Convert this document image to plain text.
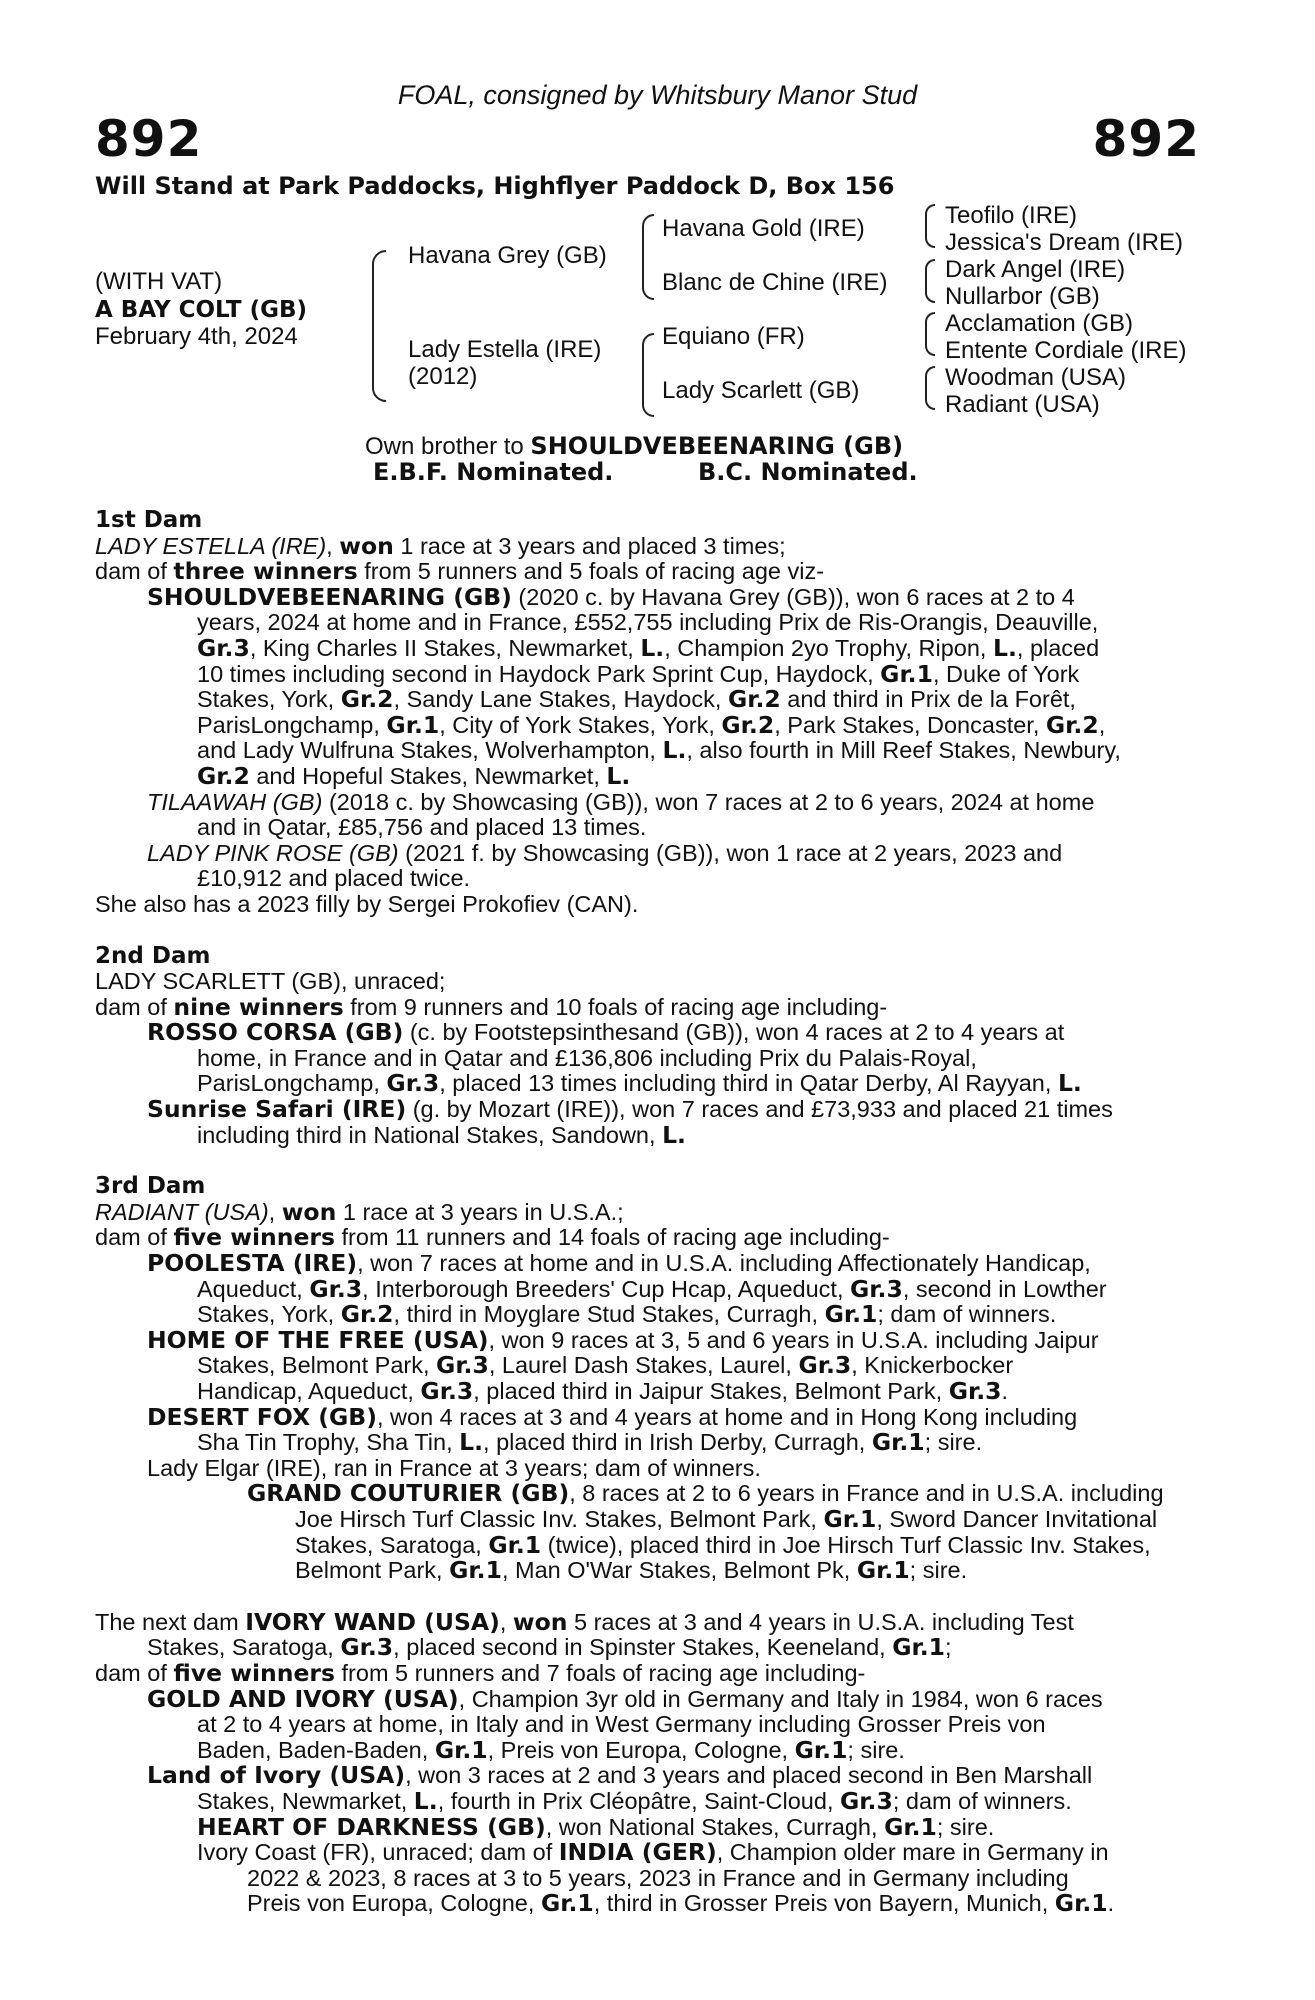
FOAL, consigned by Whitsbury Manor Stud
892	892
Will Stand at Park Paddocks, Highflyer Paddock D, Box 156
(WITH VAT)
A BAY COLT (GB)
February 4th, 2024
Havana Grey (GB)
Lady Estella (IRE)
(2012)
Havana Gold (IRE)
Blanc de Chine (IRE)
Equiano (FR)
Lady Scarlett (GB)
Teofilo (IRE)
Jessica's Dream (IRE)
Dark Angel (IRE)
Nullarbor (GB)
Acclamation (GB)
Entente Cordiale (IRE)
Woodman (USA)
Radiant (USA)
Own brother to SHOULDVEBEENARING (GB)
E.B.F. Nominated.	B.C. Nominated.
1st Dam
LADY ESTELLA (IRE), won 1 race at 3 years and placed 3 times;
dam of three winners from 5 runners and 5 foals of racing age viz-
SHOULDVEBEENARING (GB) (2020 c. by Havana Grey (GB)), won 6 races at 2 to 4
years, 2024 at home and in France, £552,755 including Prix de Ris-Orangis, Deauville,
Gr.3, King Charles II Stakes, Newmarket, L., Champion 2yo Trophy, Ripon, L., placed
10 times including second in Haydock Park Sprint Cup, Haydock, Gr.1, Duke of York
Stakes, York, Gr.2, Sandy Lane Stakes, Haydock, Gr.2 and third in Prix de la Forêt,
ParisLongchamp, Gr.1, City of York Stakes, York, Gr.2, Park Stakes, Doncaster, Gr.2,
and Lady Wulfruna Stakes, Wolverhampton, L., also fourth in Mill Reef Stakes, Newbury,
Gr.2 and Hopeful Stakes, Newmarket, L.
TILAAWAH (GB) (2018 c. by Showcasing (GB)), won 7 races at 2 to 6 years, 2024 at home
and in Qatar, £85,756 and placed 13 times.
LADY PINK ROSE (GB) (2021 f. by Showcasing (GB)), won 1 race at 2 years, 2023 and
£10,912 and placed twice.
She also has a 2023 filly by Sergei Prokofiev (CAN).
2nd Dam
LADY SCARLETT (GB), unraced;
dam of nine winners from 9 runners and 10 foals of racing age including-
ROSSO CORSA (GB) (c. by Footstepsinthesand (GB)), won 4 races at 2 to 4 years at
home, in France and in Qatar and £136,806 including Prix du Palais-Royal,
ParisLongchamp, Gr.3, placed 13 times including third in Qatar Derby, Al Rayyan, L.
Sunrise Safari (IRE) (g. by Mozart (IRE)), won 7 races and £73,933 and placed 21 times
including third in National Stakes, Sandown, L.
3rd Dam
RADIANT (USA), won 1 race at 3 years in U.S.A.;
dam of five winners from 11 runners and 14 foals of racing age including-
POOLESTA (IRE), won 7 races at home and in U.S.A. including Affectionately Handicap,
Aqueduct, Gr.3, Interborough Breeders' Cup Hcap, Aqueduct, Gr.3, second in Lowther
Stakes, York, Gr.2, third in Moyglare Stud Stakes, Curragh, Gr.1; dam of winners.
HOME OF THE FREE (USA), won 9 races at 3, 5 and 6 years in U.S.A. including Jaipur
Stakes, Belmont Park, Gr.3, Laurel Dash Stakes, Laurel, Gr.3, Knickerbocker
Handicap, Aqueduct, Gr.3, placed third in Jaipur Stakes, Belmont Park, Gr.3.
DESERT FOX (GB), won 4 races at 3 and 4 years at home and in Hong Kong including
Sha Tin Trophy, Sha Tin, L., placed third in Irish Derby, Curragh, Gr.1; sire.
Lady Elgar (IRE), ran in France at 3 years; dam of winners.
GRAND COUTURIER (GB), 8 races at 2 to 6 years in France and in U.S.A. including
Joe Hirsch Turf Classic Inv. Stakes, Belmont Park, Gr.1, Sword Dancer Invitational
Stakes, Saratoga, Gr.1 (twice), placed third in Joe Hirsch Turf Classic Inv. Stakes,
Belmont Park, Gr.1, Man O'War Stakes, Belmont Pk, Gr.1; sire.
The next dam IVORY WAND (USA), won 5 races at 3 and 4 years in U.S.A. including Test
Stakes, Saratoga, Gr.3, placed second in Spinster Stakes, Keeneland, Gr.1;
dam of five winners from 5 runners and 7 foals of racing age including-
GOLD AND IVORY (USA), Champion 3yr old in Germany and Italy in 1984, won 6 races
at 2 to 4 years at home, in Italy and in West Germany including Grosser Preis von
Baden, Baden-Baden, Gr.1, Preis von Europa, Cologne, Gr.1; sire.
Land of Ivory (USA), won 3 races at 2 and 3 years and placed second in Ben Marshall
Stakes, Newmarket, L., fourth in Prix Cléopâtre, Saint-Cloud, Gr.3; dam of winners.
HEART OF DARKNESS (GB), won National Stakes, Curragh, Gr.1; sire.
Ivory Coast (FR), unraced; dam of INDIA (GER), Champion older mare in Germany in
2022 & 2023, 8 races at 3 to 5 years, 2023 in France and in Germany including
Preis von Europa, Cologne, Gr.1, third in Grosser Preis von Bayern, Munich, Gr.1.
